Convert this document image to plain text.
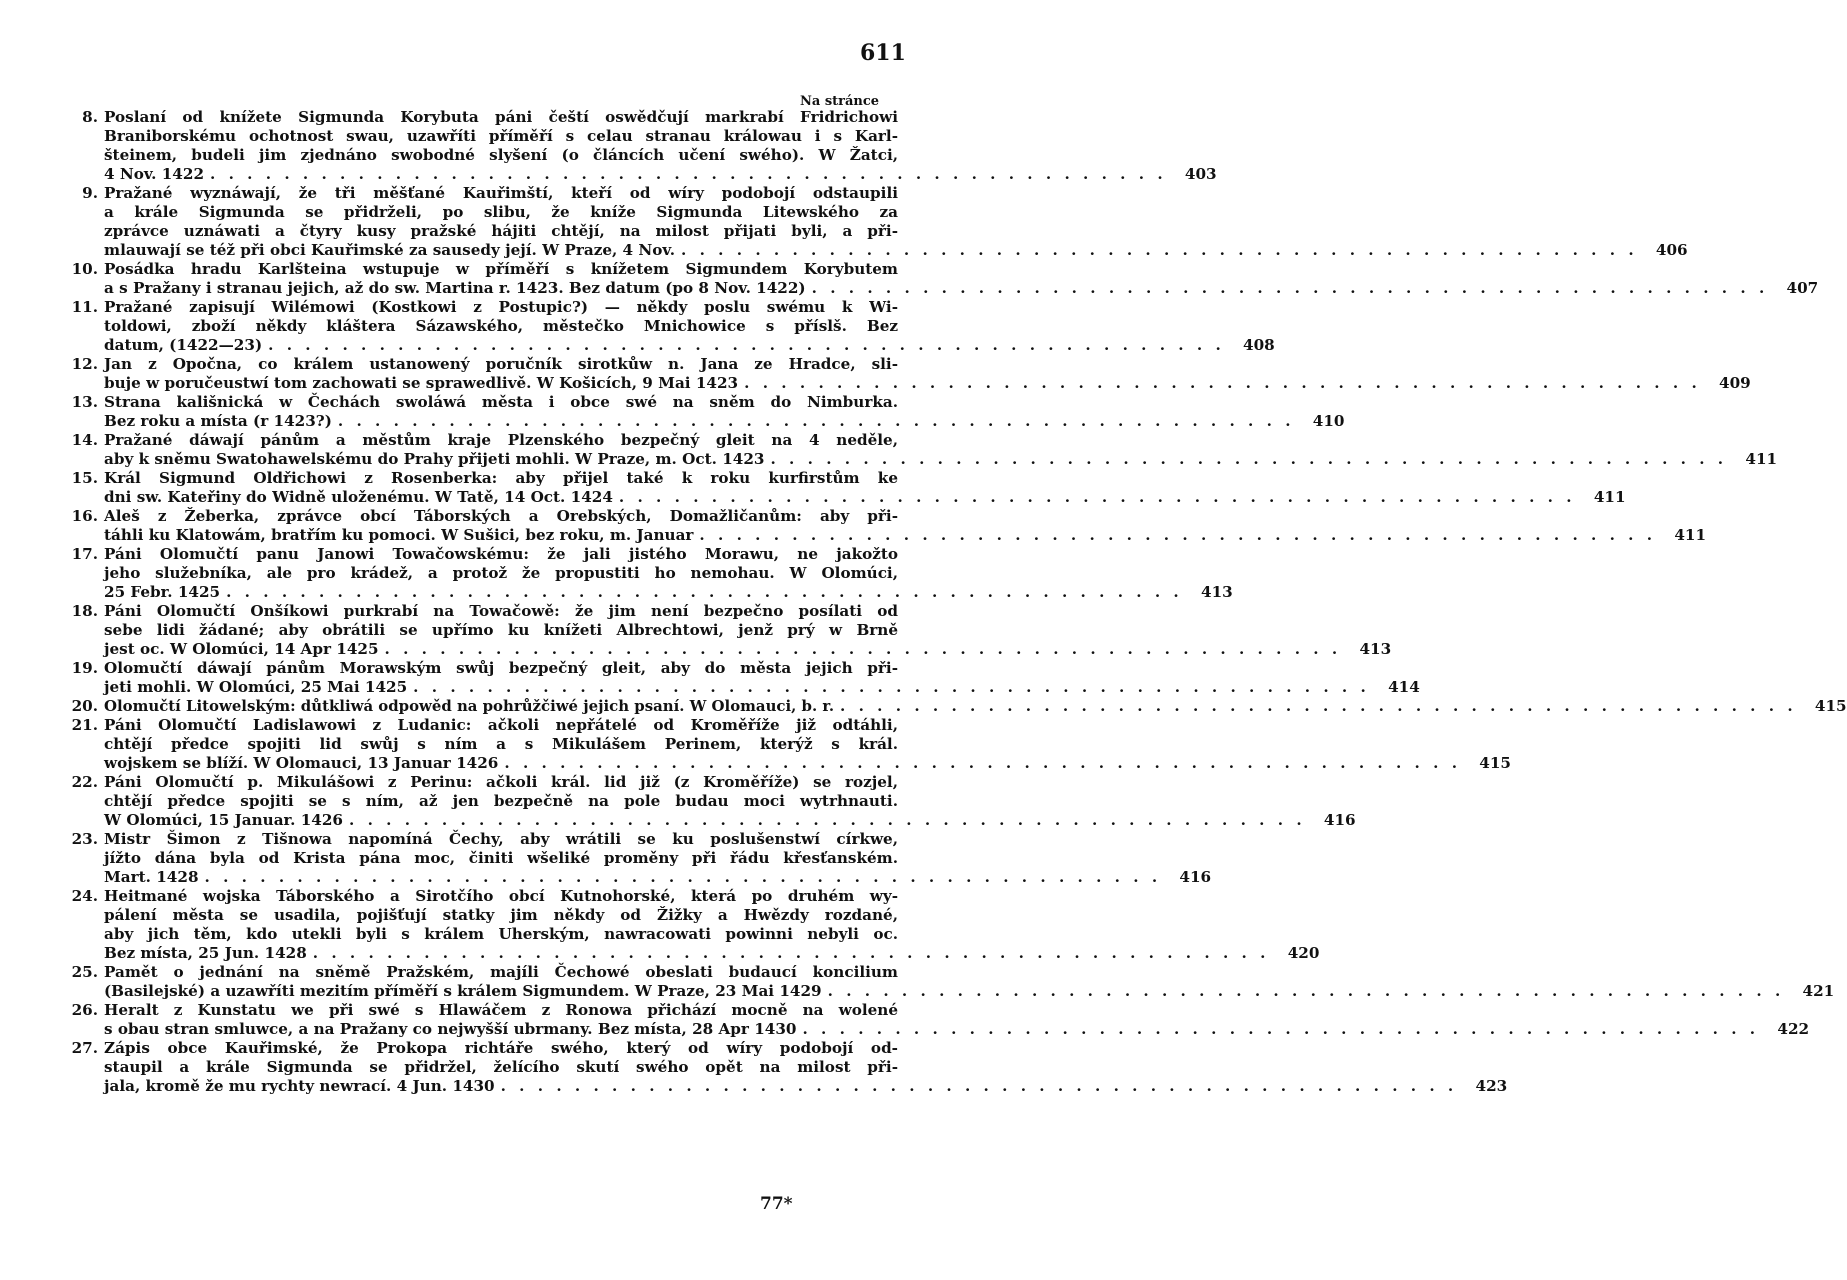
611
Na stránce
8. Poslaní od knížete Sigmunda Korybuta páni čeští oswědčují markrabí Fridrichowi
Braniborskému ochotnost swau, uzawříti příměří s celau stranau králowau i s Karl-
šteinem, budeli jim zjednáno swobodné slyšení (o článcích učení swého). W Žatci,
4 Nov. 1422 . . . . . . . . . . . . . . . . . . . . . . . . . . . . . . . . . . . . . . . . . . . . . . . . . . . .	403
9. Pražané wyznáwají, že tři měšťané Kauřimští, kteří od wíry podobojí odstaupili
a krále Sigmunda se přidrželi, po slibu, že kníže Sigmunda Litewského za
zprávce uznáwati a čtyry kusy pražské hájiti chtějí, na milost přijati byli, a při-
mlauwají se též při obci Kauřimské za sausedy její. W Praze, 4 Nov. . . . . . . . . . . . . . . . . . . . . . . . . . . . . . . . . . . . . . . . . . . . . . . . . . . . .	406
10. Posádka hradu Karlšteina wstupuje w příměří s knížetem Sigmundem Korybutem
a s Pražany i stranau jejich, až do sw. Martina r. 1423. Bez datum (po 8 Nov. 1422) . . . . . . . . . . . . . . . . . . . . . . . . . . . . . . . . . . . . . . . . . . . . . . . . . . . .	407
11. Pražané zapisují Wilémowi (Kostkowi z Postupic?) — někdy poslu swému k Wi-
toldowi, zboží někdy kláštera Sázawského, městečko Mnichowice s příslš. Bez
datum, (1422—23) . . . . . . . . . . . . . . . . . . . . . . . . . . . . . . . . . . . . . . . . . . . . . . . . . . . .	408
12. Jan z Opočna, co králem ustanowený poručník sirotkůw n. Jana ze Hradce, sli-
buje w poručeustwí tom zachowati se sprawedlivě. W Košicích, 9 Mai 1423 . . . . . . . . . . . . . . . . . . . . . . . . . . . . . . . . . . . . . . . . . . . . . . . . . . . .	409
13. Strana kališnická w Čechách swoláwá města i obce swé na sněm do Nimburka.
Bez roku a místa (r 1423?) . . . . . . . . . . . . . . . . . . . . . . . . . . . . . . . . . . . . . . . . . . . . . . . . . . . .	410
14. Pražané dáwají pánům a městům kraje Plzenského bezpečný gleit na 4 neděle,
aby k sněmu Swatohawelskému do Prahy přijeti mohli. W Praze, m. Oct. 1423 . . . . . . . . . . . . . . . . . . . . . . . . . . . . . . . . . . . . . . . . . . . . . . . . . . . .	411
15. Král Sigmund Oldřichowi z Rosenberka: aby přijel také k roku kurfirstům ke
dni sw. Kateřiny do Widně uloženému. W Tatě, 14 Oct. 1424 . . . . . . . . . . . . . . . . . . . . . . . . . . . . . . . . . . . . . . . . . . . . . . . . . . . .	411
16. Aleš z Žeberka, zprávce obcí Táborských a Orebských, Domažličanům: aby při-
táhli ku Klatowám, bratřím ku pomoci. W Sušici, bez roku, m. Januar . . . . . . . . . . . . . . . . . . . . . . . . . . . . . . . . . . . . . . . . . . . . . . . . . . . .	411
17. Páni Olomučtí panu Janowi Towačowskému: že jali jistého Morawu, ne jakožto
jeho služebníka, ale pro krádež, a protož že propustiti ho nemohau. W Olomúci,
25 Febr. 1425 . . . . . . . . . . . . . . . . . . . . . . . . . . . . . . . . . . . . . . . . . . . . . . . . . . . .	413
18. Páni Olomučtí Onšíkowi purkrabí na Towačowě: že jim není bezpečno posílati od
sebe lidi žádané; aby obrátili se upřímo ku knížeti Albrechtowi, jenž prý w Brně
jest oc. W Olomúci, 14 Apr 1425 . . . . . . . . . . . . . . . . . . . . . . . . . . . . . . . . . . . . . . . . . . . . . . . . . . . .	413
19. Olomučtí dáwají pánům Morawským swůj bezpečný gleit, aby do města jejich při-
jeti mohli. W Olomúci, 25 Mai 1425 . . . . . . . . . . . . . . . . . . . . . . . . . . . . . . . . . . . . . . . . . . . . . . . . . . . .	414
20. Olomučtí Litowelským: důtkliwá odpowěd na pohrůžčiwé jejich psaní. W Olomauci, b. r. . . . . . . . . . . . . . . . . . . . . . . . . . . . . . . . . . . . . . . . . . . . . . . . . . . . .	415
21. Páni Olomučtí Ladislawowi z Ludanic: ačkoli nepřátelé od Kroměříže již odtáhli,
chtějí předce spojiti lid swůj s ním a s Mikulášem Perinem, kterýž s král.
wojskem se blíží. W Olomauci, 13 Januar 1426 . . . . . . . . . . . . . . . . . . . . . . . . . . . . . . . . . . . . . . . . . . . . . . . . . . . .	415
22. Páni Olomučtí p. Mikulášowi z Perinu: ačkoli král. lid již (z Kroměříže) se rozjel,
chtějí předce spojiti se s ním, až jen bezpečně na pole budau moci wytrhnauti.
W Olomúci, 15 Januar. 1426 . . . . . . . . . . . . . . . . . . . . . . . . . . . . . . . . . . . . . . . . . . . . . . . . . . . .	416
23. Mistr Šimon z Tišnowa napomíná Čechy, aby wrátili se ku poslušenstwí církwe,
jížto dána byla od Krista pána moc, činiti wšeliké proměny při řádu křesťanském.
Mart. 1428 . . . . . . . . . . . . . . . . . . . . . . . . . . . . . . . . . . . . . . . . . . . . . . . . . . . .	416
24. Heitmané wojska Táborského a Sirotčího obcí Kutnohorské, která po druhém wy-
pálení města se usadila, pojišťují statky jim někdy od Žižky a Hwězdy rozdané,
aby jich těm, kdo utekli byli s králem Uherským, nawracowati powinni nebyli oc.
Bez místa, 25 Jun. 1428 . . . . . . . . . . . . . . . . . . . . . . . . . . . . . . . . . . . . . . . . . . . . . . . . . . . .	420
25. Pamět o jednání na sněmě Pražském, majíli Čechowé obeslati budaucí koncilium
(Basilejské) a uzawříti mezitím příměří s králem Sigmundem. W Praze, 23 Mai 1429 . . . . . . . . . . . . . . . . . . . . . . . . . . . . . . . . . . . . . . . . . . . . . . . . . . . .	421
26. Heralt z Kunstatu we při swé s Hlawáčem z Ronowa přichází mocně na wolené
s obau stran smluwce, a na Pražany co nejwyšší ubrmany. Bez místa, 28 Apr 1430 . . . . . . . . . . . . . . . . . . . . . . . . . . . . . . . . . . . . . . . . . . . . . . . . . . . .	422
27. Zápis obce Kauřimské, že Prokopa richtáře swého, který od wíry podobojí od-
staupil a krále Sigmunda se přidržel, želícího skutí swého opět na milost při-
jala, kromě že mu rychty newrací. 4 Jun. 1430 . . . . . . . . . . . . . . . . . . . . . . . . . . . . . . . . . . . . . . . . . . . . . . . . . . . .	423
77*
